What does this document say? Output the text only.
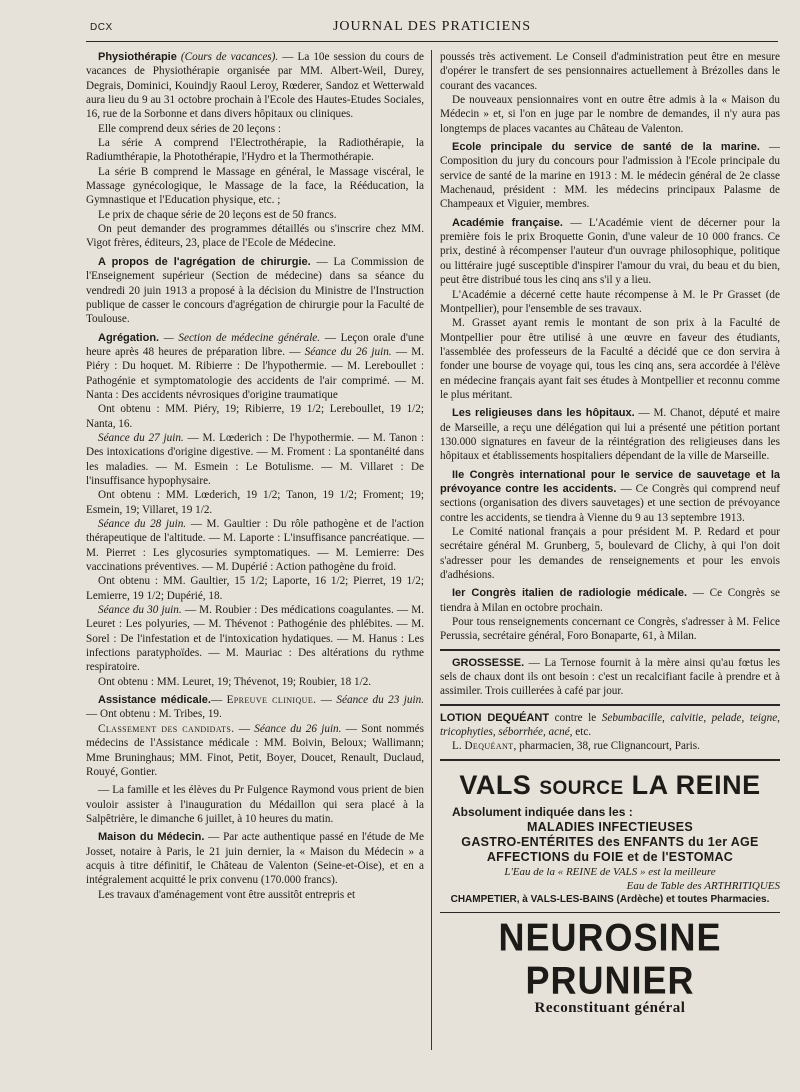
DCX	JOURNAL DES PRATICIENS

Physiothérapie (Cours de vacances). — La 10e session du cours de vacances de Physiothérapie organisée par MM. Albert-Weil, Durey, Degrais, Dominici, Kouindjy Raoul Leroy, Rœderer, Sandoz et Wetterwald aura lieu du 9 au 31 octobre prochain à l'Ecole des Hautes-Etudes Sociales, 16, rue de la Sorbonne et dans divers hôpitaux ou cliniques.

Elle comprend deux séries de 20 leçons :

La série A comprend l'Electrothérapie, la Radiothérapie, la Radiumthérapie, la Photothérapie, l'Hydro et la Thermothérapie.

La série B comprend le Massage en général, le Massage viscéral, le Massage gynécologique, le Massage de la face, la Rééducation, la Gymnastique et l'Education physique, etc. ;

Le prix de chaque série de 20 leçons est de 50 francs.

On peut demander des programmes détaillés ou s'inscrire chez MM. Vigot frères, éditeurs, 23, place de l'Ecole de Médecine.

A propos de l'agrégation de chirurgie. — La Commission de l'Enseignement supérieur (Section de médecine) dans sa séance du vendredi 20 juin 1913 a proposé à la décision du Ministre de l'Instruction publique de casser le concours d'agrégation de chirurgie pour la Faculté de Toulouse.

Agrégation. — Section de médecine générale. — Leçon orale d'une heure après 48 heures de préparation libre. — Séance du 26 juin. — M. Piéry : Du hoquet. M. Ribierre : De l'hypothermie. — M. Lereboullet : Pathogénie et symptomatologie des accidents de l'air comprimé. — M. Nanta : Des accidents névrosiques d'origine traumatique

Ont obtenu : MM. Piéry, 19; Ribierre, 19 1/2; Lereboullet, 19 1/2; Nanta, 16.

Séance du 27 juin. — M. Lœderich : De l'hypothermie. — M. Tanon : Des intoxications d'origine digestive. — M. Froment : La spontanéité dans les maladies. — M. Esmein : Le Botulisme. — M. Villaret : De l'insuffisance hypophysaire.

Ont obtenu : MM. Lœderich, 19 1/2; Tanon, 19 1/2; Froment; 19; Esmein, 19; Villaret, 19 1/2.

Séance du 28 juin. — M. Gaultier : Du rôle pathogène et de l'action thérapeutique de l'altitude. — M. Laporte : L'insuffisance pancréatique. — M. Pierret : Les glycosuries symptomatiques. — M. Lemierre: Des vaccinations préventives. — M. Dupérié : Action pathogène du froid.

Ont obtenu : MM. Gaultier, 15 1/2; Laporte, 16 1/2; Pierret, 19 1/2; Lemierre, 19 1/2; Dupérié, 18.

Séance du 30 juin. — M. Roubier : Des médications coagulantes. — M. Leuret : Les polyuries, — M. Thévenot : Pathogénie des phlébites. — M. Sorel : De l'infestation et de l'intoxication hydatiques. — M. Hanus : Les infections paratyphoïdes. — M. Mauriac : Des altérations du rythme respiratoire.

Ont obtenu : MM. Leuret, 19; Thévenot, 19; Roubier, 18 1/2.

Assistance médicale.— Epreuve clinique. — Séance du 23 juin. — Ont obtenu : M. Tribes, 19.

Classement des candidats. — Séance du 26 juin. — Sont nommés médecins de l'Assistance médicale : MM. Boivin, Beloux; Wallimann; Mme Bruninghaus; MM. Finot, Petit, Boyer, Doucet, Renault, Duclaud, Rouyé, Gontier.

— La famille et les élèves du Pr Fulgence Raymond vous prient de bien vouloir assister à l'inauguration du Médaillon qui sera placé à la Salpêtrière, le dimanche 6 juillet, à 10 heures du matin.

Maison du Médecin. — Par acte authentique passé en l'étude de Me Josset, notaire à Paris, le 21 juin dernier, la « Maison du Médecin » a acquis à titre définitif, le Château de Valenton (Seine-et-Oise), et en a intégralement acquitté le prix convenu (170.000 francs).

Les travaux d'aménagement vont être aussitôt entrepris et

poussés très activement. Le Conseil d'administration peut être en mesure d'opérer le transfert de ses pensionnaires actuellement à Brézolles dans le courant des vacances.

De nouveaux pensionnaires vont en outre être admis à la « Maison du Médecin » et, si l'on en juge par le nombre de demandes, il n'y aura pas longtemps de places vacantes au Château de Valenton.

Ecole principale du service de santé de la marine. — Composition du jury du concours pour l'admission à l'Ecole principale du service de santé de la marine en 1913 : M. le médecin général de 2e classe Machenaud, président : MM. les médecins principaux Palasme de Champeaux et Viguier, membres.

Académie française. — L'Académie vient de décerner pour la première fois le prix Broquette Gonin, d'une valeur de 10 000 francs. Ce prix, destiné à récompenser l'auteur d'un ouvrage philosophique, politique ou littéraire jugé susceptible d'inspirer l'amour du vrai, du beau et du bien, peut être distribué tous les cinq ans s'il y a lieu.

L'Académie a décerné cette haute récompense à M. le Pr Grasset (de Montpellier), pour l'ensemble de ses travaux.

M. Grasset ayant remis le montant de son prix à la Faculté de Montpellier pour être utilisé à une œuvre en faveur des étudiants, l'assemblée des professeurs de la Faculté a décidé que ce don servira à fonder une bourse de voyage qui, tous les cinq ans, sera accordée à l'élève en médecine français ayant fait ses études à Montpellier et reconnu comme le plus méritant.

Les religieuses dans les hôpitaux. — M. Chanot, député et maire de Marseille, a reçu une délégation qui lui a présenté une pétition portant 130.000 signatures en faveur de la réintégration des religieuses dans les hôpitaux et établissements hospitaliers dépendant de la ville de Marseille.

IIe Congrès international pour le service de sauvetage et la prévoyance contre les accidents. — Ce Congrès qui comprend neuf sections (organisation des divers sauvetages) et une section de prévoyance contre les accidents, se tiendra à Vienne du 9 au 13 septembre 1913.

Le Comité national français a pour président M. P. Redard et pour secrétaire général M. Grunberg, 5, boulevard de Clichy, à qui l'on doit s'adresser pour les demandes de renseignements et pour les envois d'adhésions.

Ier Congrès italien de radiologie médicale. — Ce Congrès se tiendra à Milan en octobre prochain.

Pour tous renseignements concernant ce Congrès, s'adresser à M. Felice Perussia, secrétaire général, Foro Bonaparte, 61, à Milan.

GROSSESSE. — La Ternose fournit à la mère ainsi qu'au fœtus les sels de chaux dont ils ont besoin : c'est un recalcifiant facile à prendre et à assimiler. Trois cuillerées à café par jour.

LOTION DEQUÉANT contre le Sebumbacille, calvitie, pelade, teigne, tricophyties, séborrhée, acné, etc.

L. Dequéant, pharmacien, 38, rue Clignancourt, Paris.

VALS SOURCE LA REINE
Absolument indiquée dans les :
MALADIES INFECTIEUSES
GASTRO-ENTÉRITES des ENFANTS du 1er AGE
AFFECTIONS du FOIE et de l'ESTOMAC
L'Eau de la « REINE de VALS » est la meilleure
Eau de Table des ARTHRITIQUES
CHAMPETIER, à VALS-LES-BAINS (Ardèche) et toutes Pharmacies.
NEUROSINE PRUNIER
Reconstituant général
